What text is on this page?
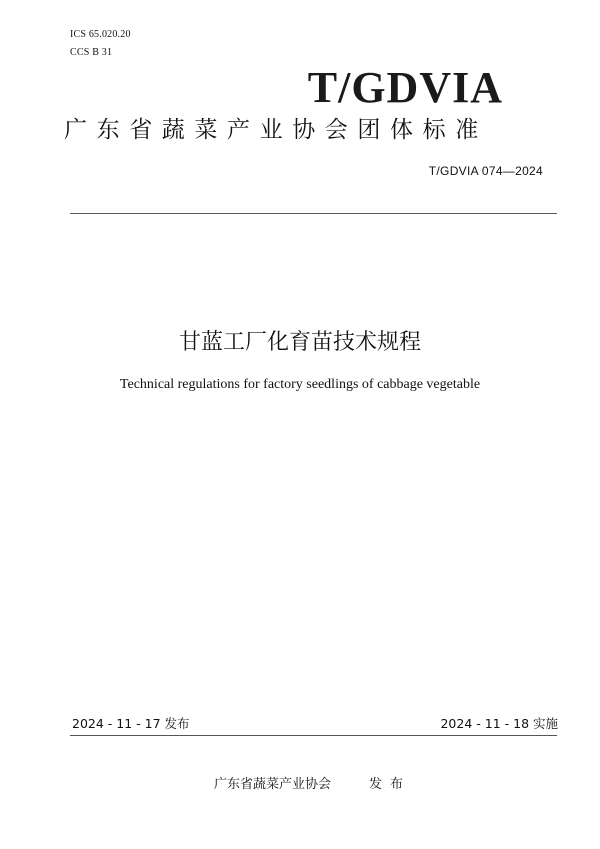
ICS 65.020.20
CCS B 31
T/GDVIA
广东省蔬菜产业协会团体标准
T/GDVIA 074—2024
甘蓝工厂化育苗技术规程
Technical regulations for factory seedlings of cabbage vegetable
2024 - 11 - 17 发布	2024 - 11 - 18 实施
广东省蔬菜产业协会	发布
